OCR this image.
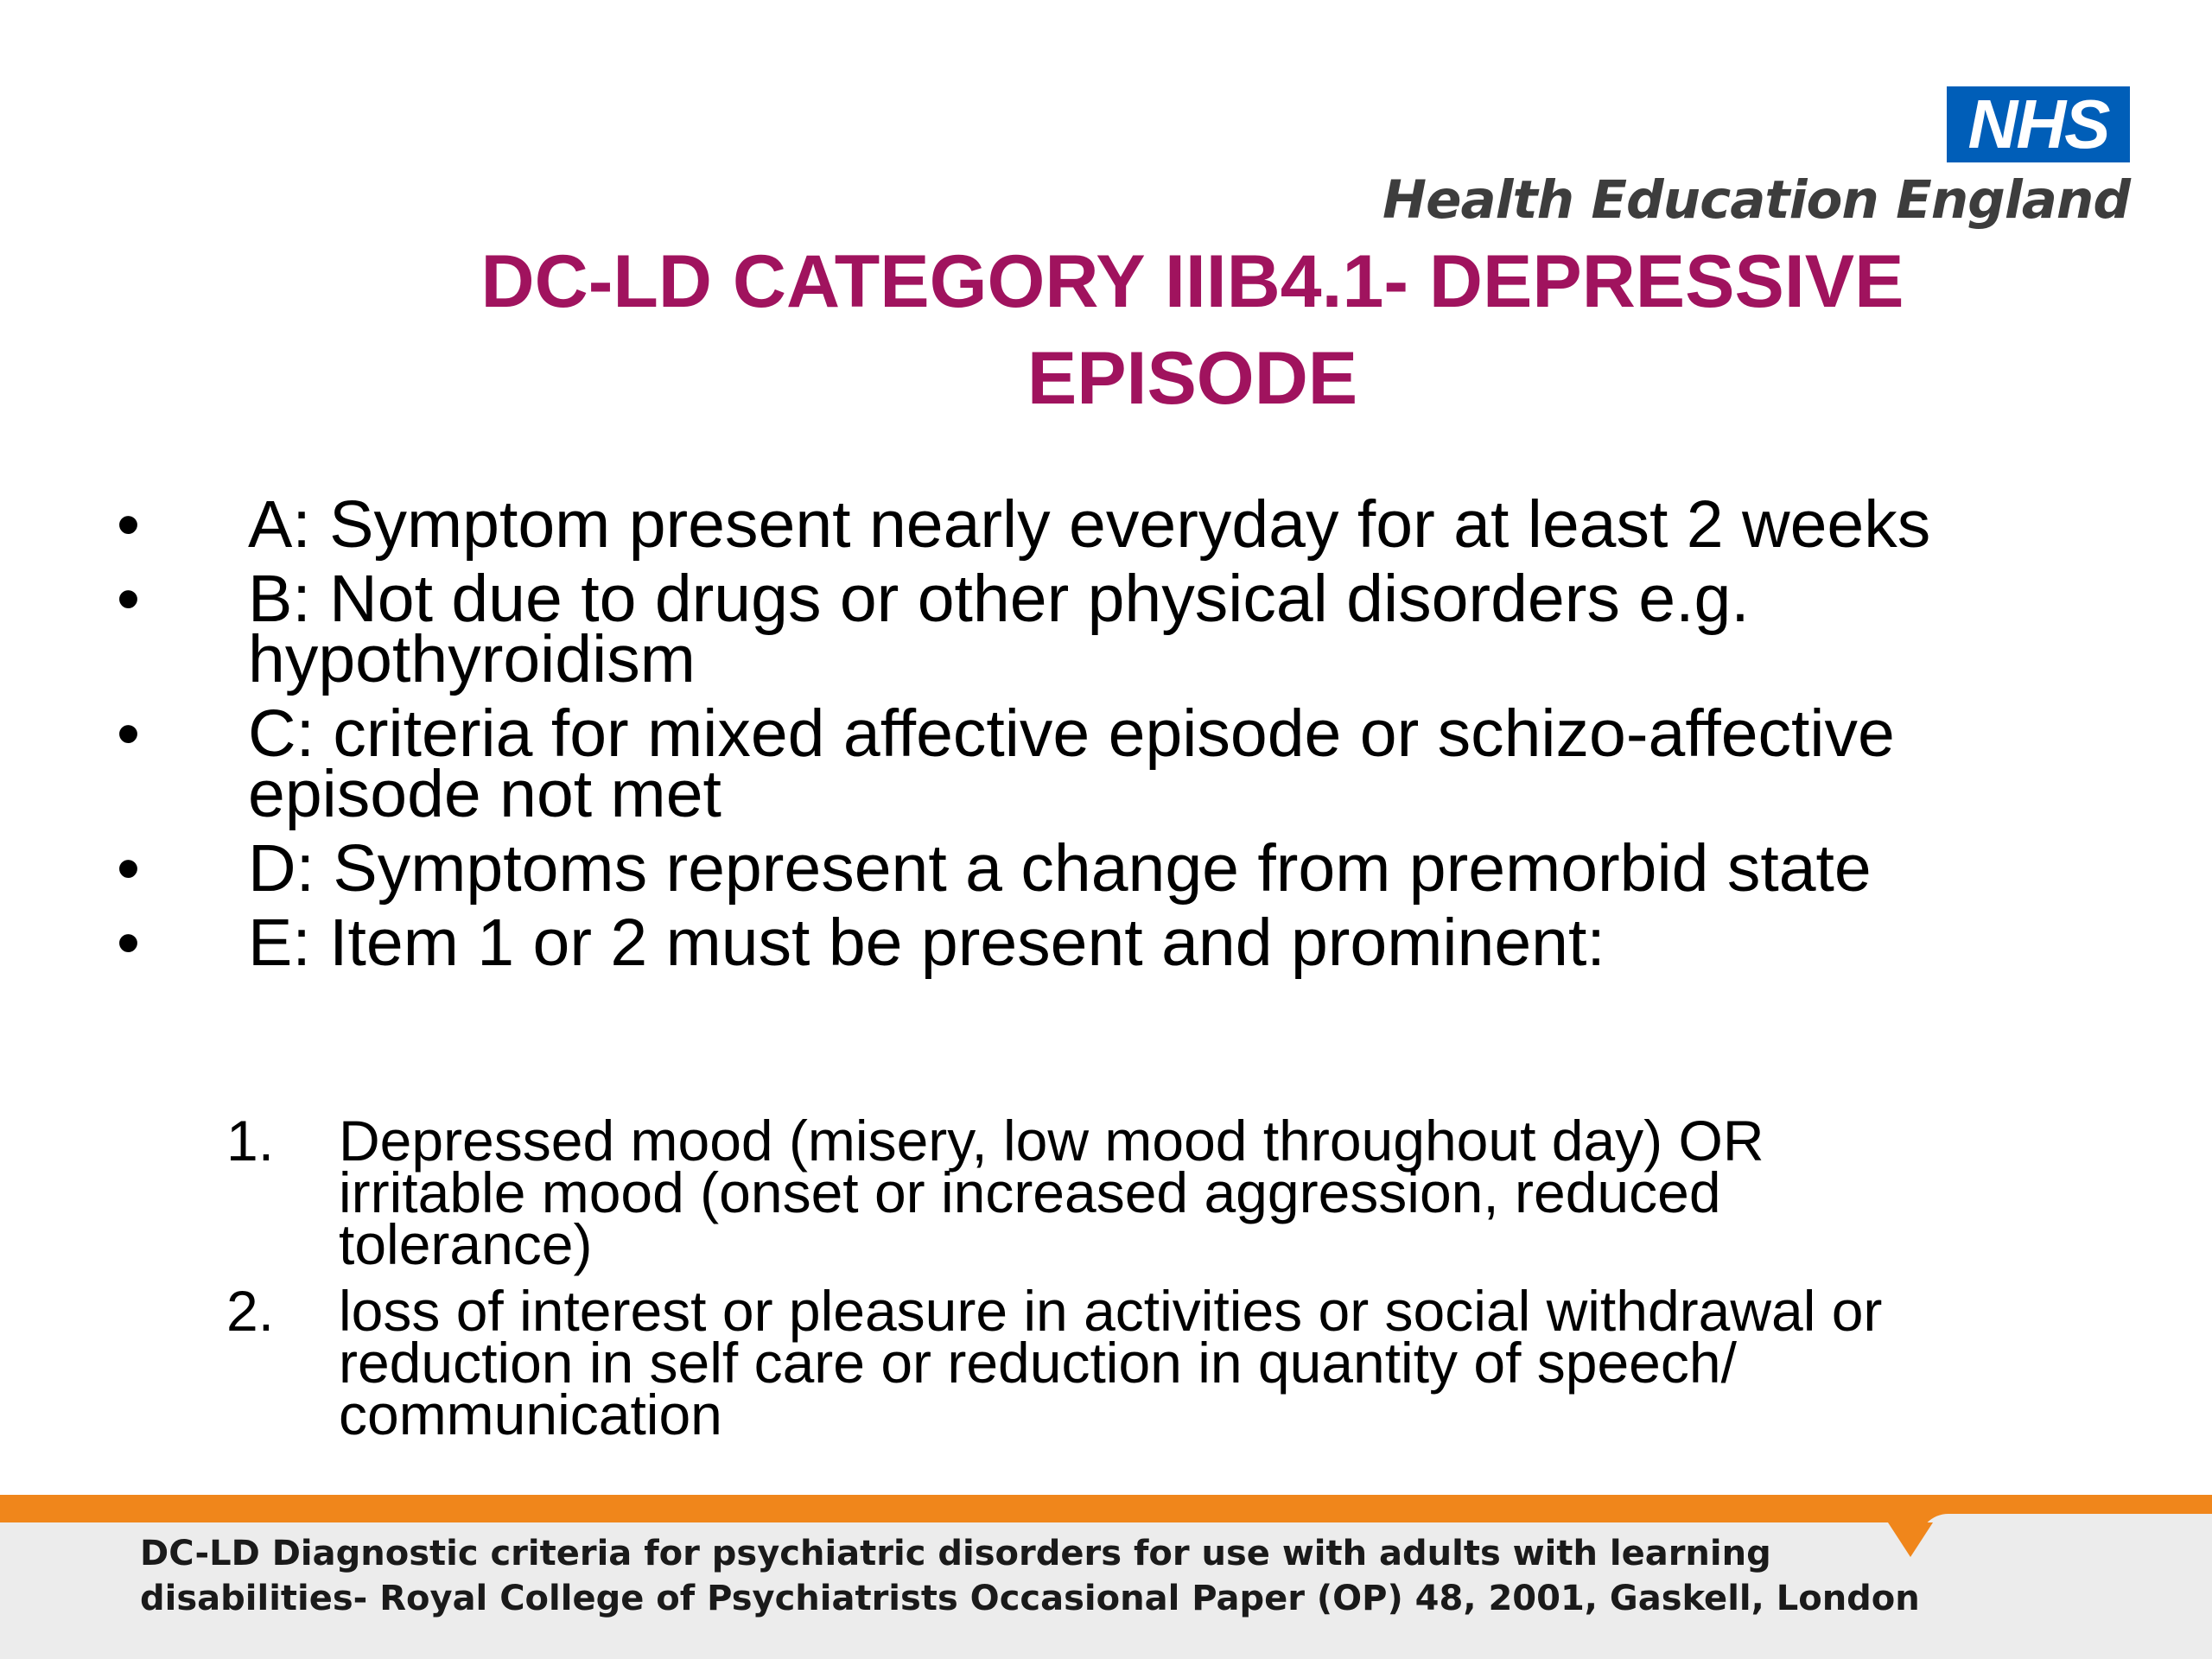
NHS
Health Education England
DC-LD CATEGORY IIIB4.1- DEPRESSIVE EPISODE
• A: Symptom present nearly everyday for at least 2 weeks
• B: Not due to drugs or other physical disorders e.g. hypothyroidism
• C: criteria for mixed affective episode or schizo-affective episode not met
• D: Symptoms represent a change from premorbid state
• E: Item 1 or 2 must be present and prominent:
1. Depressed mood (misery, low mood throughout day) OR irritable mood (onset or increased aggression, reduced tolerance)
2. loss of interest or pleasure in activities or social withdrawal or reduction in self care or reduction in quantity of speech/ communication
DC-LD Diagnostic criteria for psychiatric disorders for use with adults with learning
disabilities- Royal College of Psychiatrists Occasional Paper (OP) 48, 2001, Gaskell, London
